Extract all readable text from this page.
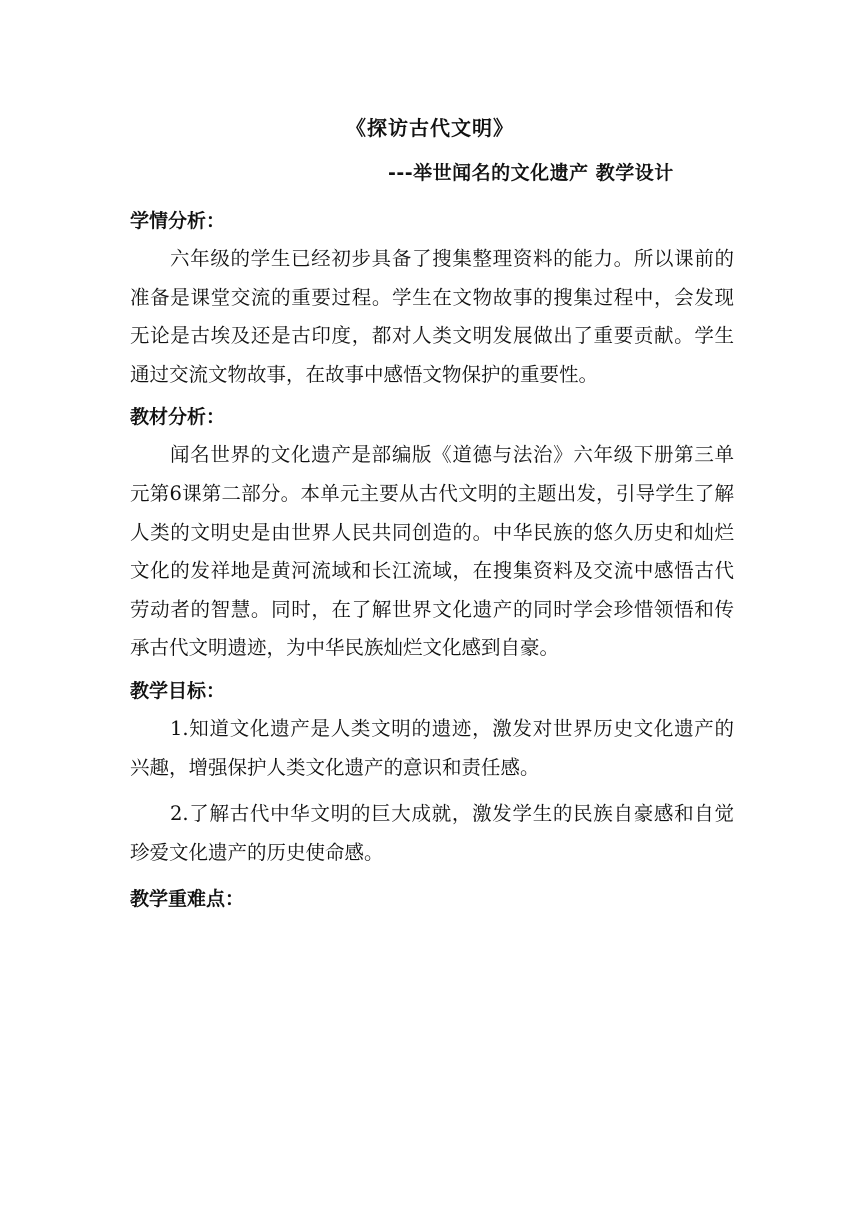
《探访古代文明》
---举世闻名的文化遗产 教学设计
学情分析：

六年级的学生已经初步具备了搜集整理资料的能力。所以课前的准备是课堂交流的重要过程。学生在文物故事的搜集过程中，会发现无论是古埃及还是古印度，都对人类文明发展做出了重要贡献。学生通过交流文物故事，在故事中感悟文物保护的重要性。

教材分析：

闻名世界的文化遗产是部编版《道德与法治》六年级下册第三单元第6课第二部分。本单元主要从古代文明的主题出发，引导学生了解人类的文明史是由世界人民共同创造的。中华民族的悠久历史和灿烂文化的发祥地是黄河流域和长江流域，在搜集资料及交流中感悟古代劳动者的智慧。同时，在了解世界文化遗产的同时学会珍惜领悟和传承古代文明遗迹，为中华民族灿烂文化感到自豪。

教学目标：

1.知道文化遗产是人类文明的遗迹，激发对世界历史文化遗产的兴趣，增强保护人类文化遗产的意识和责任感。

2.了解古代中华文明的巨大成就，激发学生的民族自豪感和自觉珍爱文化遗产的历史使命感。

教学重难点：
